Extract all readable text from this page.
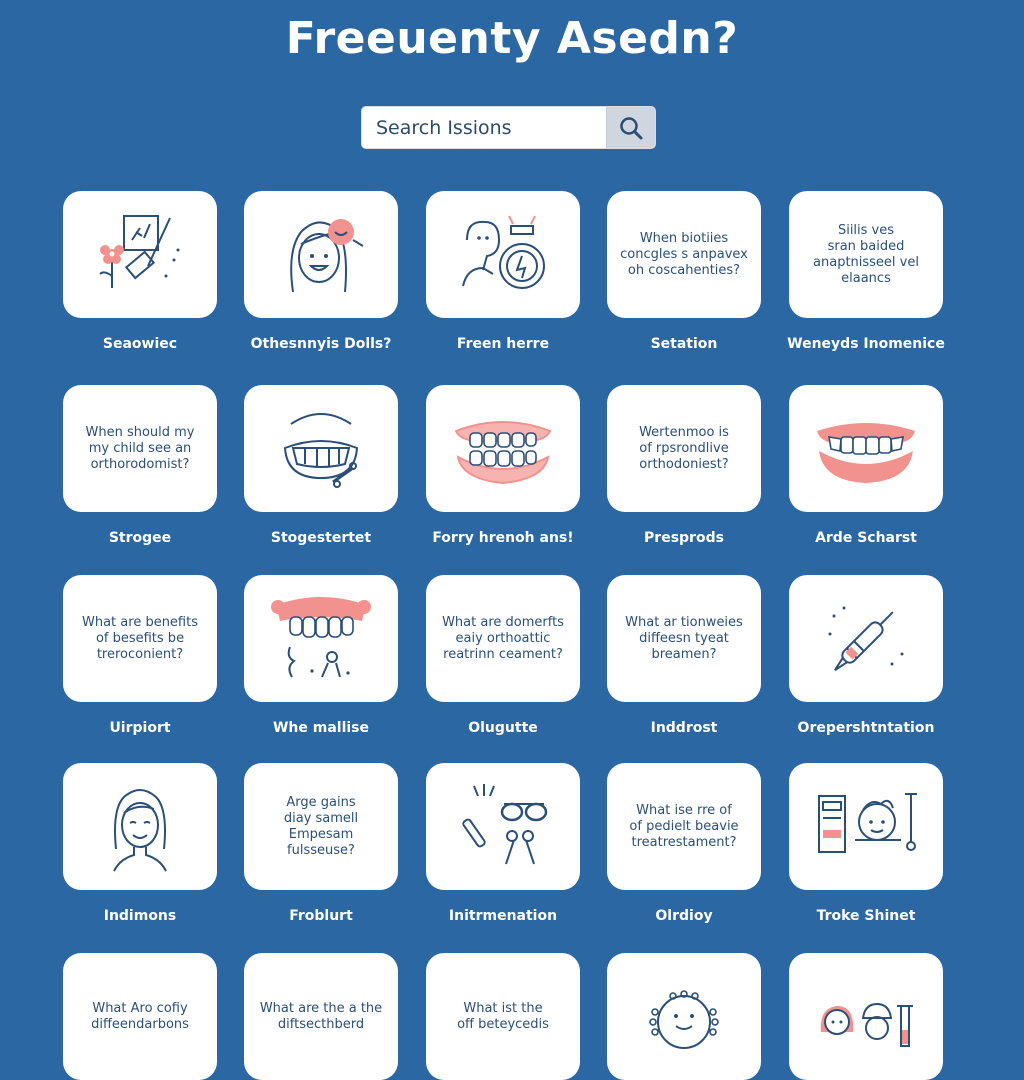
Freeuenty Asedn?
Search Issions
Seaowiec	Othesnnyis Dolls?	Freen herre
When biotiies
concgles s anpavex
oh coscahenties?
Setation
Siilis ves
sran baided
anaptnisseel vel
elaancs
Weneyds Inomenice
When should my
my child see an
orthorodomist?
Strogee	Stogestertet	Forry hrenoh ans!
Wertenmoo is
of rpsrondlive
orthodoniest?
Presprods	Arde Scharst
What are benefits
of besefits be
treroconient?
Uirpiort	Whe mallise
What are domerfts
eaiy orthoattic
reatrinn ceament?
Olugutte
What ar tionweies
diffeesn tyeat
breamen?
Inddrost	Orepershtntation
Indimons
Arge gains
diay samell
Empesam fulsseuse?
Froblurt	Initrmenation
What ise rre of
of pedielt beavie
treatrestament?
Olrdioy	Troke Shinet
What Aro cofiy
diffeendarbons
What are the a the
diftsecthberd
What ist the
off beteycedis
